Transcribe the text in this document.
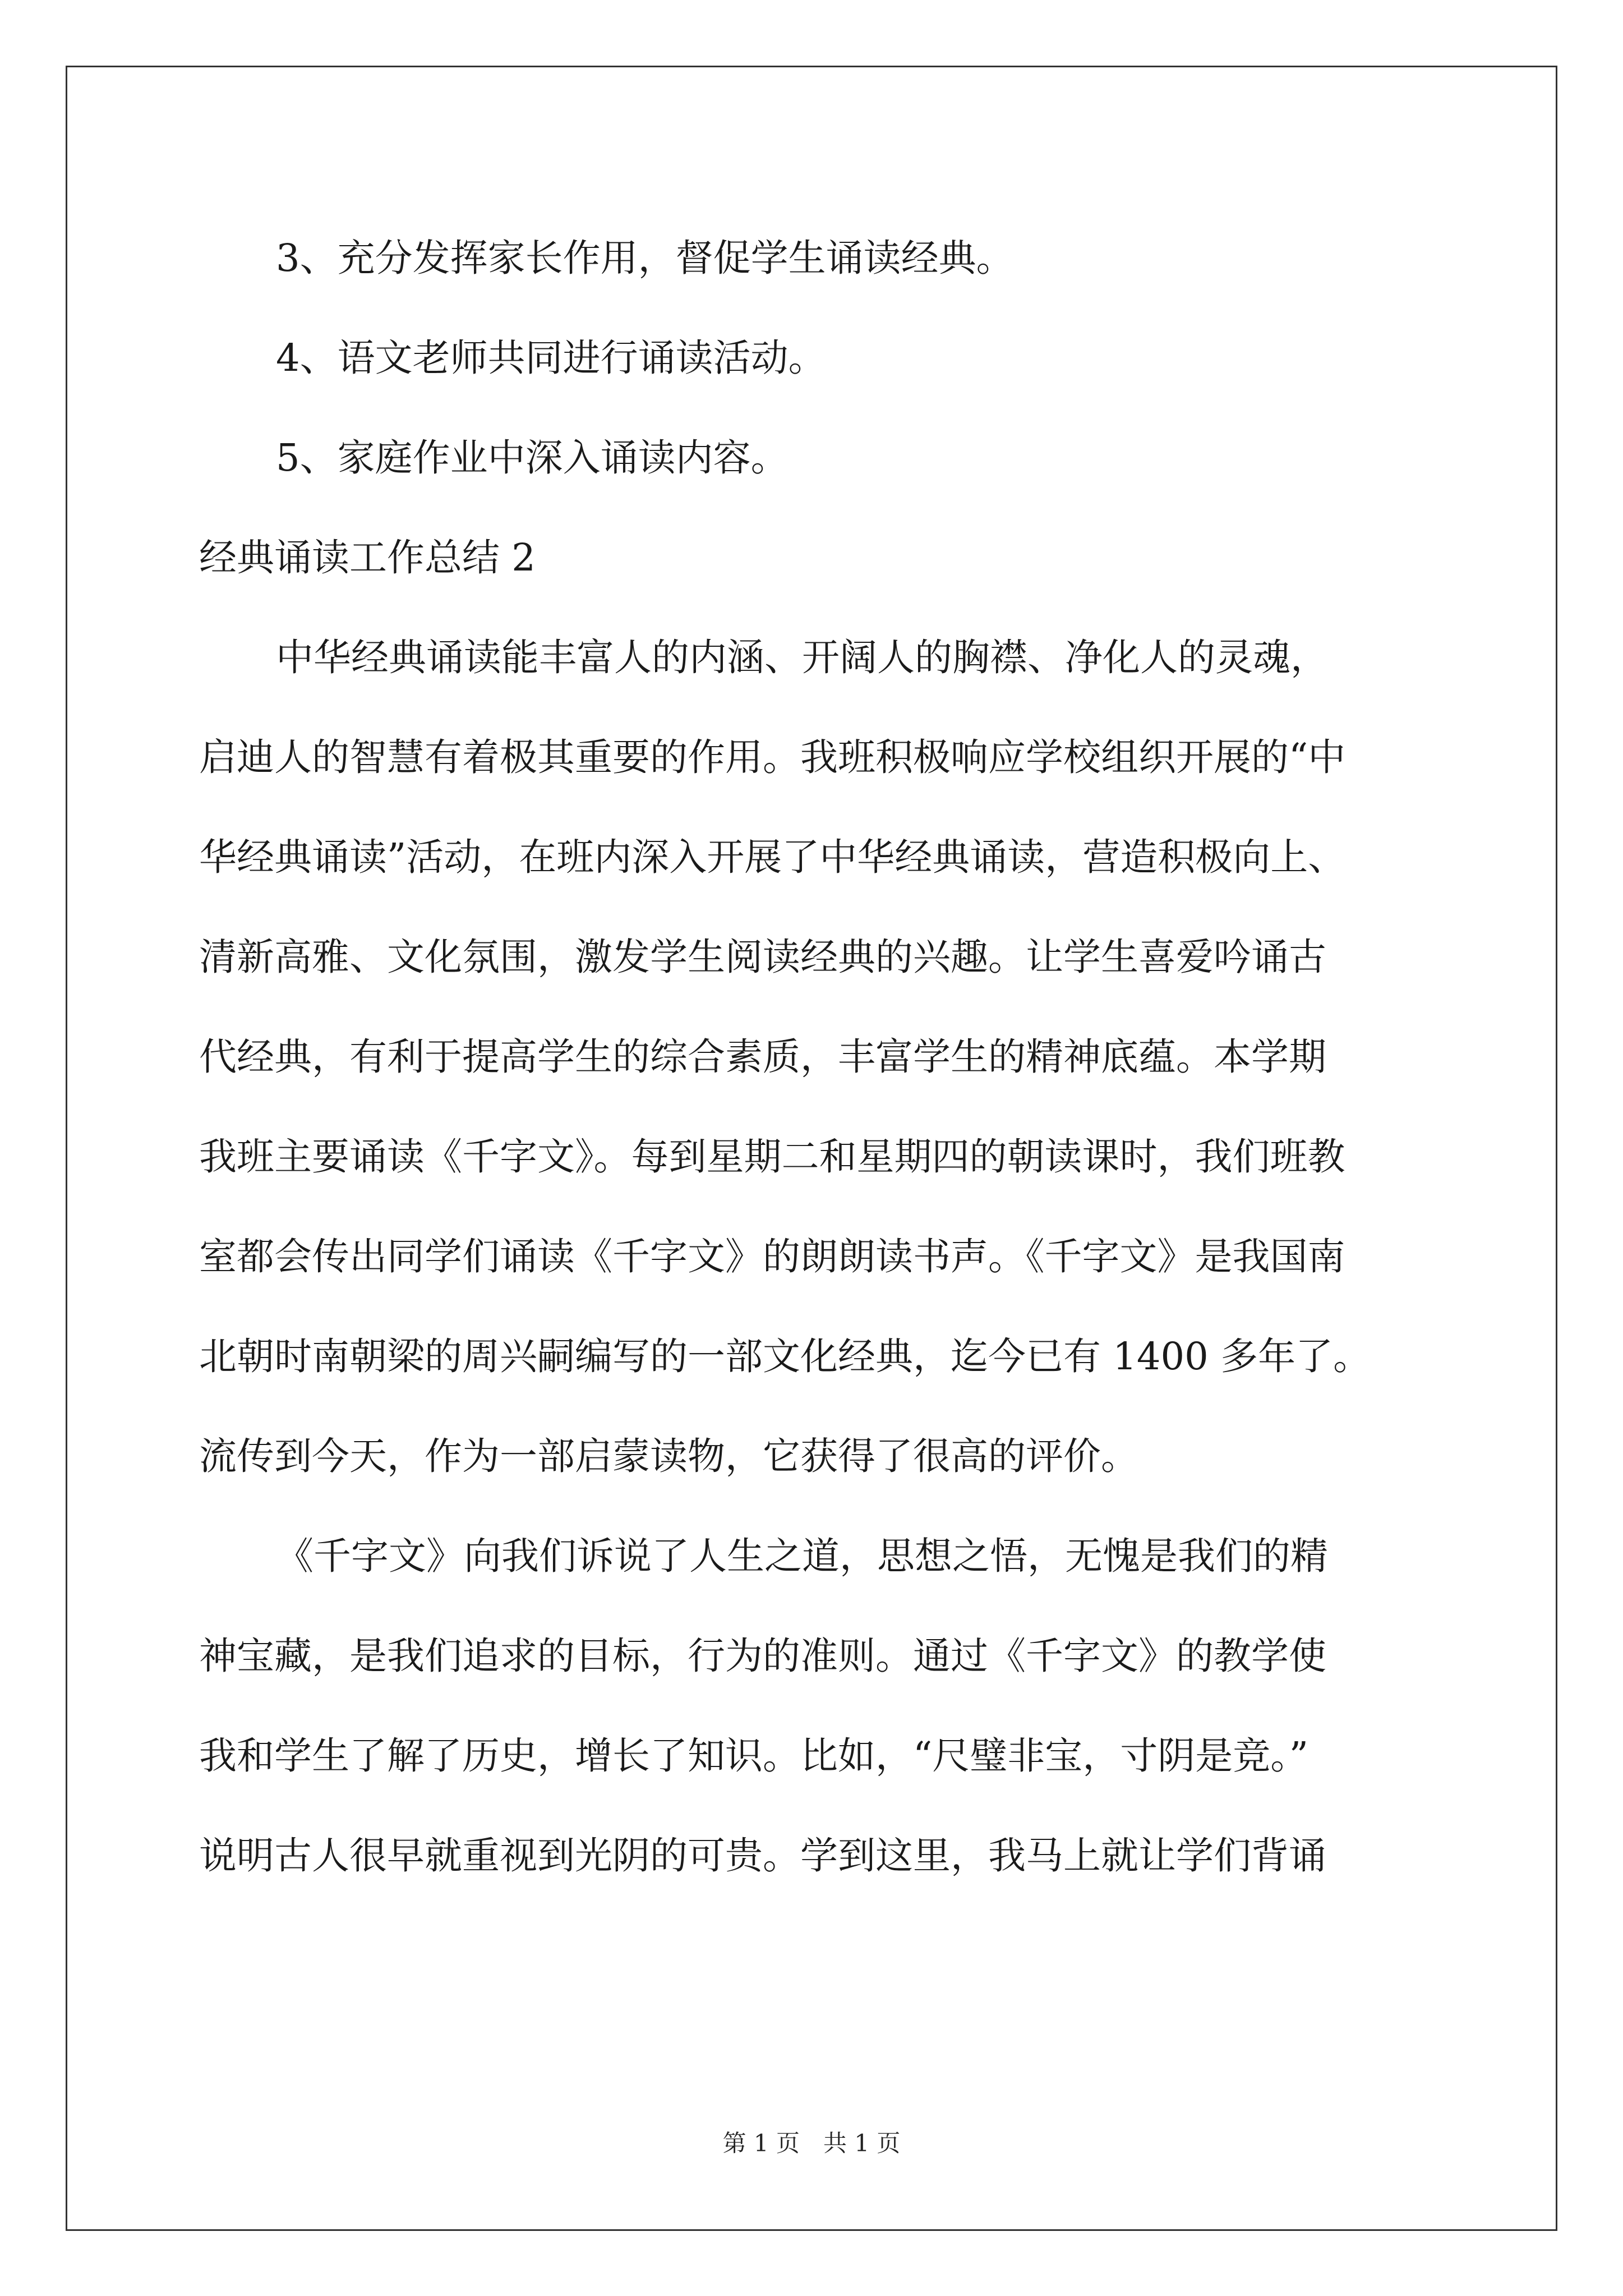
3、充分发挥家长作用，督促学生诵读经典。
4、语文老师共同进行诵读活动。
5、家庭作业中深入诵读内容。
经典诵读工作总结 2
中华经典诵读能丰富人的内涵、开阔人的胸襟、净化人的灵魂，
启迪人的智慧有着极其重要的作用。我班积极响应学校组织开展的“中
华经典诵读”活动，在班内深入开展了中华经典诵读，营造积极向上、
清新高雅、文化氛围，激发学生阅读经典的兴趣。让学生喜爱吟诵古
代经典，有利于提高学生的综合素质，丰富学生的精神底蕴。本学期
我班主要诵读《千字文》。每到星期二和星期四的朝读课时，我们班教
室都会传出同学们诵读《千字文》的朗朗读书声。《千字文》是我国南
北朝时南朝梁的周兴嗣编写的一部文化经典，迄今已有 1400 多年了。
流传到今天，作为一部启蒙读物，它获得了很高的评价。
《千字文》向我们诉说了人生之道，思想之悟，无愧是我们的精
神宝藏，是我们追求的目标，行为的准则。通过《千字文》的教学使
我和学生了解了历史，增长了知识。比如，“尺璧非宝，寸阴是竞。”
说明古人很早就重视到光阴的可贵。学到这里，我马上就让学们背诵
第 1 页　共 1 页
